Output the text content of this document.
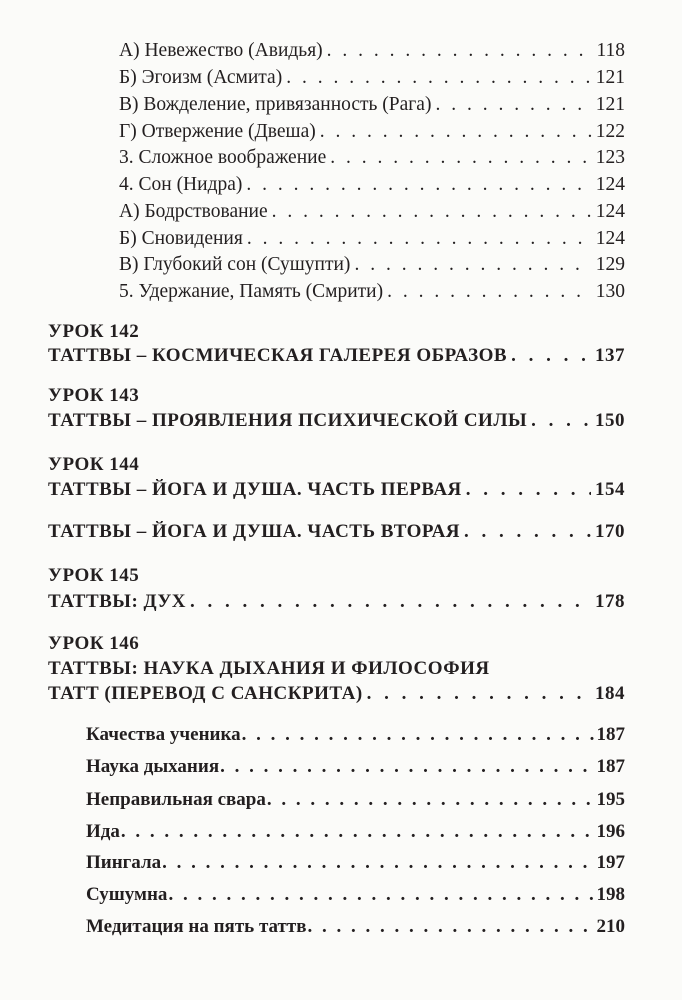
А) Невежество (Авидья) . . .	118
Б) Эгоизм (Асмита) . . .	121
В) Вожделение, привязанность (Рага) . . .	121
Г) Отвержение (Двеша) . . .	122
3. Сложное воображение . . .	123
4. Сон (Нидра) . . .	124
А) Бодрствование . . .	124
Б) Сновидения . . .	124
В) Глубокий сон (Сушупти) . . .	129
5. Удержание, Память (Смрити) . . .	130
УРОК 142
ТАТТВЫ – КОСМИЧЕСКАЯ ГАЛЕРЕЯ ОБРАЗОВ . . .	137
УРОК 143
ТАТТВЫ – ПРОЯВЛЕНИЯ ПСИХИЧЕСКОЙ СИЛЫ . . .	150
УРОК 144
ТАТТВЫ – ЙОГА И ДУША. ЧАСТЬ ПЕРВАЯ . . .	154
ТАТТВЫ – ЙОГА И ДУША. ЧАСТЬ ВТОРАЯ . . .	170
УРОК 145
ТАТТВЫ: ДУХ . . .	178
УРОК 146
ТАТТВЫ: НАУКА ДЫХАНИЯ И ФИЛОСОФИЯ
ТАТТ (ПЕРЕВОД С САНСКРИТА) . . .	184
Качества ученика . . .	187
Наука дыхания . . .	187
Неправильная свара . . .	195
Ида . . .	196
Пингала . . .	197
Сушумна . . .	198
Медитация на пять таттв . . .	210
